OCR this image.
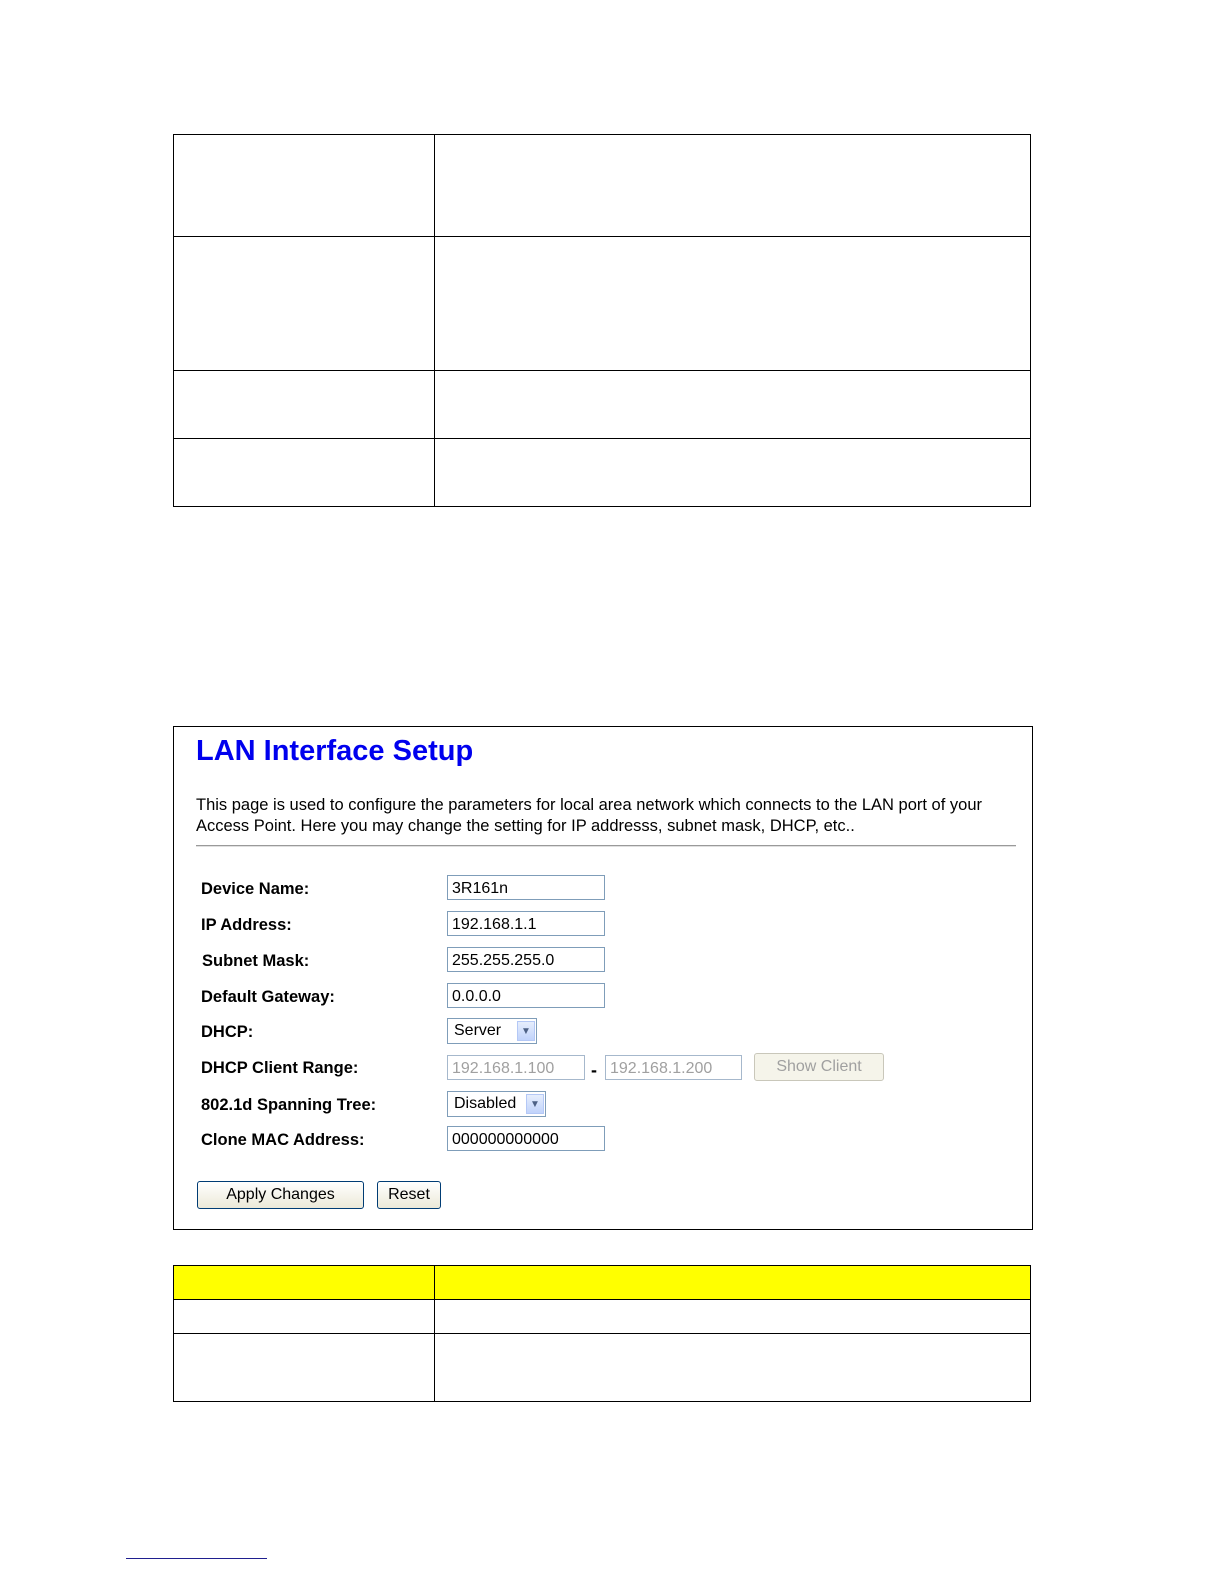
LAN Interface Setup
This page is used to configure the parameters for local area network which connects to the LAN port of your Access Point. Here you may change the setting for IP addresss, subnet mask, DHCP, etc..
Device Name:
3R161n
IP Address:
192.168.1.1
Subnet Mask:
255.255.255.0
Default Gateway:
0.0.0.0
DHCP:	Server	▼
DHCP Client Range:
192.168.1.100	-
192.168.1.200	Show Client
802.1d Spanning Tree:	Disabled	▼
Clone MAC Address:
000000000000
Apply Changes	Reset
